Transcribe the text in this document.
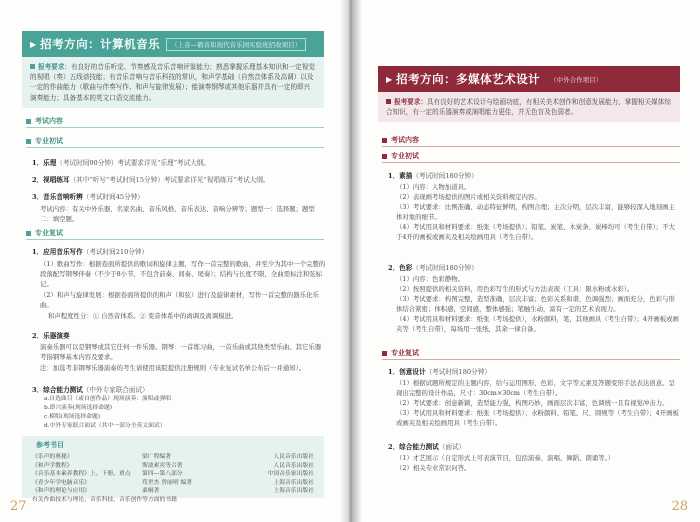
▶ 招考方向：计算机音乐	（上音—鹤音和现代音乐园实验班招收项目）
报考要求：有良好的音乐听觉、节奏感及音乐音响评鉴能力；熟悉掌握乐理基本知识和一定视觉的视唱（奏）五线谱技能；有音乐音响与音乐科技的常识，和声学基础（自然音体系及高调）以及一定的作曲能力（歌曲与伴奏写作、和声与旋律发展）；能演奏钢琴或其他乐器并具有一定的即兴演奏能力；具备基本的英文口语交流能力。
考试内容
专业初试
1．乐理（考试时间90分钟）考试要求详见“乐理”考试大纲。
2．视唱练耳（其中“听写”考试时间15分钟）考试要求详见“视唱练耳”考试大纲。
3．音乐音响听辨（考试时间45分钟）
考试内容：有关中外乐器、名家名曲、音乐风格、音乐表达、音响分辨等；题型一：选择题；题型二：填空题。
专业复试
1．应用音乐写作（考试时间210分钟）
（1）歌曲写作：根据卷面所提供的歌词和旋律主题，写作一首完整的歌曲，并至少为其中一个完整的段落配写钢琴伴奏（不少于8小节，不包含前奏、间奏、尾奏）；结构与长度不限，全曲需标注和弦标记。
（2）和声与旋律发展：根据卷面所提供的和声（和弦）进行及旋律素材，写作一首完整的器乐化乐曲。
和声程度性分：① 自然音体系。② 变音体系中的离调及离调模进。
2．乐器演奏
演奏乐器可以是钢琴或其它任何一件乐器。钢琴：一首练习曲，一首乐曲或其他类型乐曲。其它乐器考指钢琴基本内容及要求。
注：加选考非钢琴乐器演奏的考生请使用该院提供注册规则（专业复试名单公布后一并通知）。
3．综合能力测试（中外专家联合面试）
a.自选曲目（或自创作品）现场演奏：演唱或弹唱
b.即兴演奏(现场选择命题)
c.模唱(现场选择命题)
d.中外专家联合面试（其中一部分全英文面试）
参考书目
《乐声的奥秘》	梁广程编著	人民音乐出版社
《和声学教程》	斯波索宾等合著	人民音乐出版社
《音乐基本素养教程》上、下册、重点	第四—第八部分	中国音乐家出版社
《青少年学电脑音乐》	苟世杰 曾丽明 编著	上海音乐出版社
《和声的理论与应用》	桑桐著	上海音乐出版社
有关作曲技术与理论、音乐科技、音乐创作等方面的书籍
27
▶ 招考方向：多媒体艺术设计	（中外合作项目）
报考要求：具有良好的艺术设计与绘画功底，有相关美术创作和创意发展能力，掌握相关媒体综合知识，有一定的乐器演奏或演唱能力更佳，并无色盲及色弱者。
考试内容
专业初试
1．素描（考试时间180分钟）
（1）内容：人物加道具。
（2）表现画考场提供的图片或相关资料规定内容。
（3）考试要求：比例准确、动态特征鲜明，构图合理；主次分明，层次丰富，能够较深入地刻画主体对象的细节。
（4）考试用具和材料要求：纸张（考场提供）；铅笔、炭笔、木炭条、炭棒均可（考生自带）；不大于4开的画板或画夹及相关绘画用具（考生自带）。
2．色彩（考试时间180分钟）
（1）内容：色彩静物。
（2）按照提供的相关资料，用色彩写生的形式与方法表现（工具：限水粉或水彩）。
（3）考试要求：构图完整，造型准确，层次丰富；色彩关系和谐，色调强烈；画面充分，色彩与形体结合紧密；体积感，空间感，整体感强；笔触生动，富有一定的艺术表现力。
（4）考试用具和材料要求：纸张（考场提供），水粉颜料，笔，其他画具（考生自带）；4开画板或画夹等（考生自带），每场用一张纸，其余一律自备。
专业复试
1．创意设计（考试时间180分钟）
（1）根据试题所规定的主题内容，给与运用图形、色彩、文字等元素及答题变形手法表达创意。呈现出完整的设计作品，尺寸：30cm×30cm（考生自带）。
（2）考试要求：创意新颖，造型能力强，构图巧妙，画面层次丰富，色调统一且有视觉冲击力。
（3）考试用具和材料要求：纸张（考场提供）；水粉颜料、铅笔、尺、圆规等（考生自带）；4开画板或画夹及相关绘画用具（考生自带）。
2．综合能力测试（面试）
（1）才艺展示（自定形式上可表演节目，包括演奏、演唱、舞蹈、朗诵等。）
（2）相关专业常识问答。
28
